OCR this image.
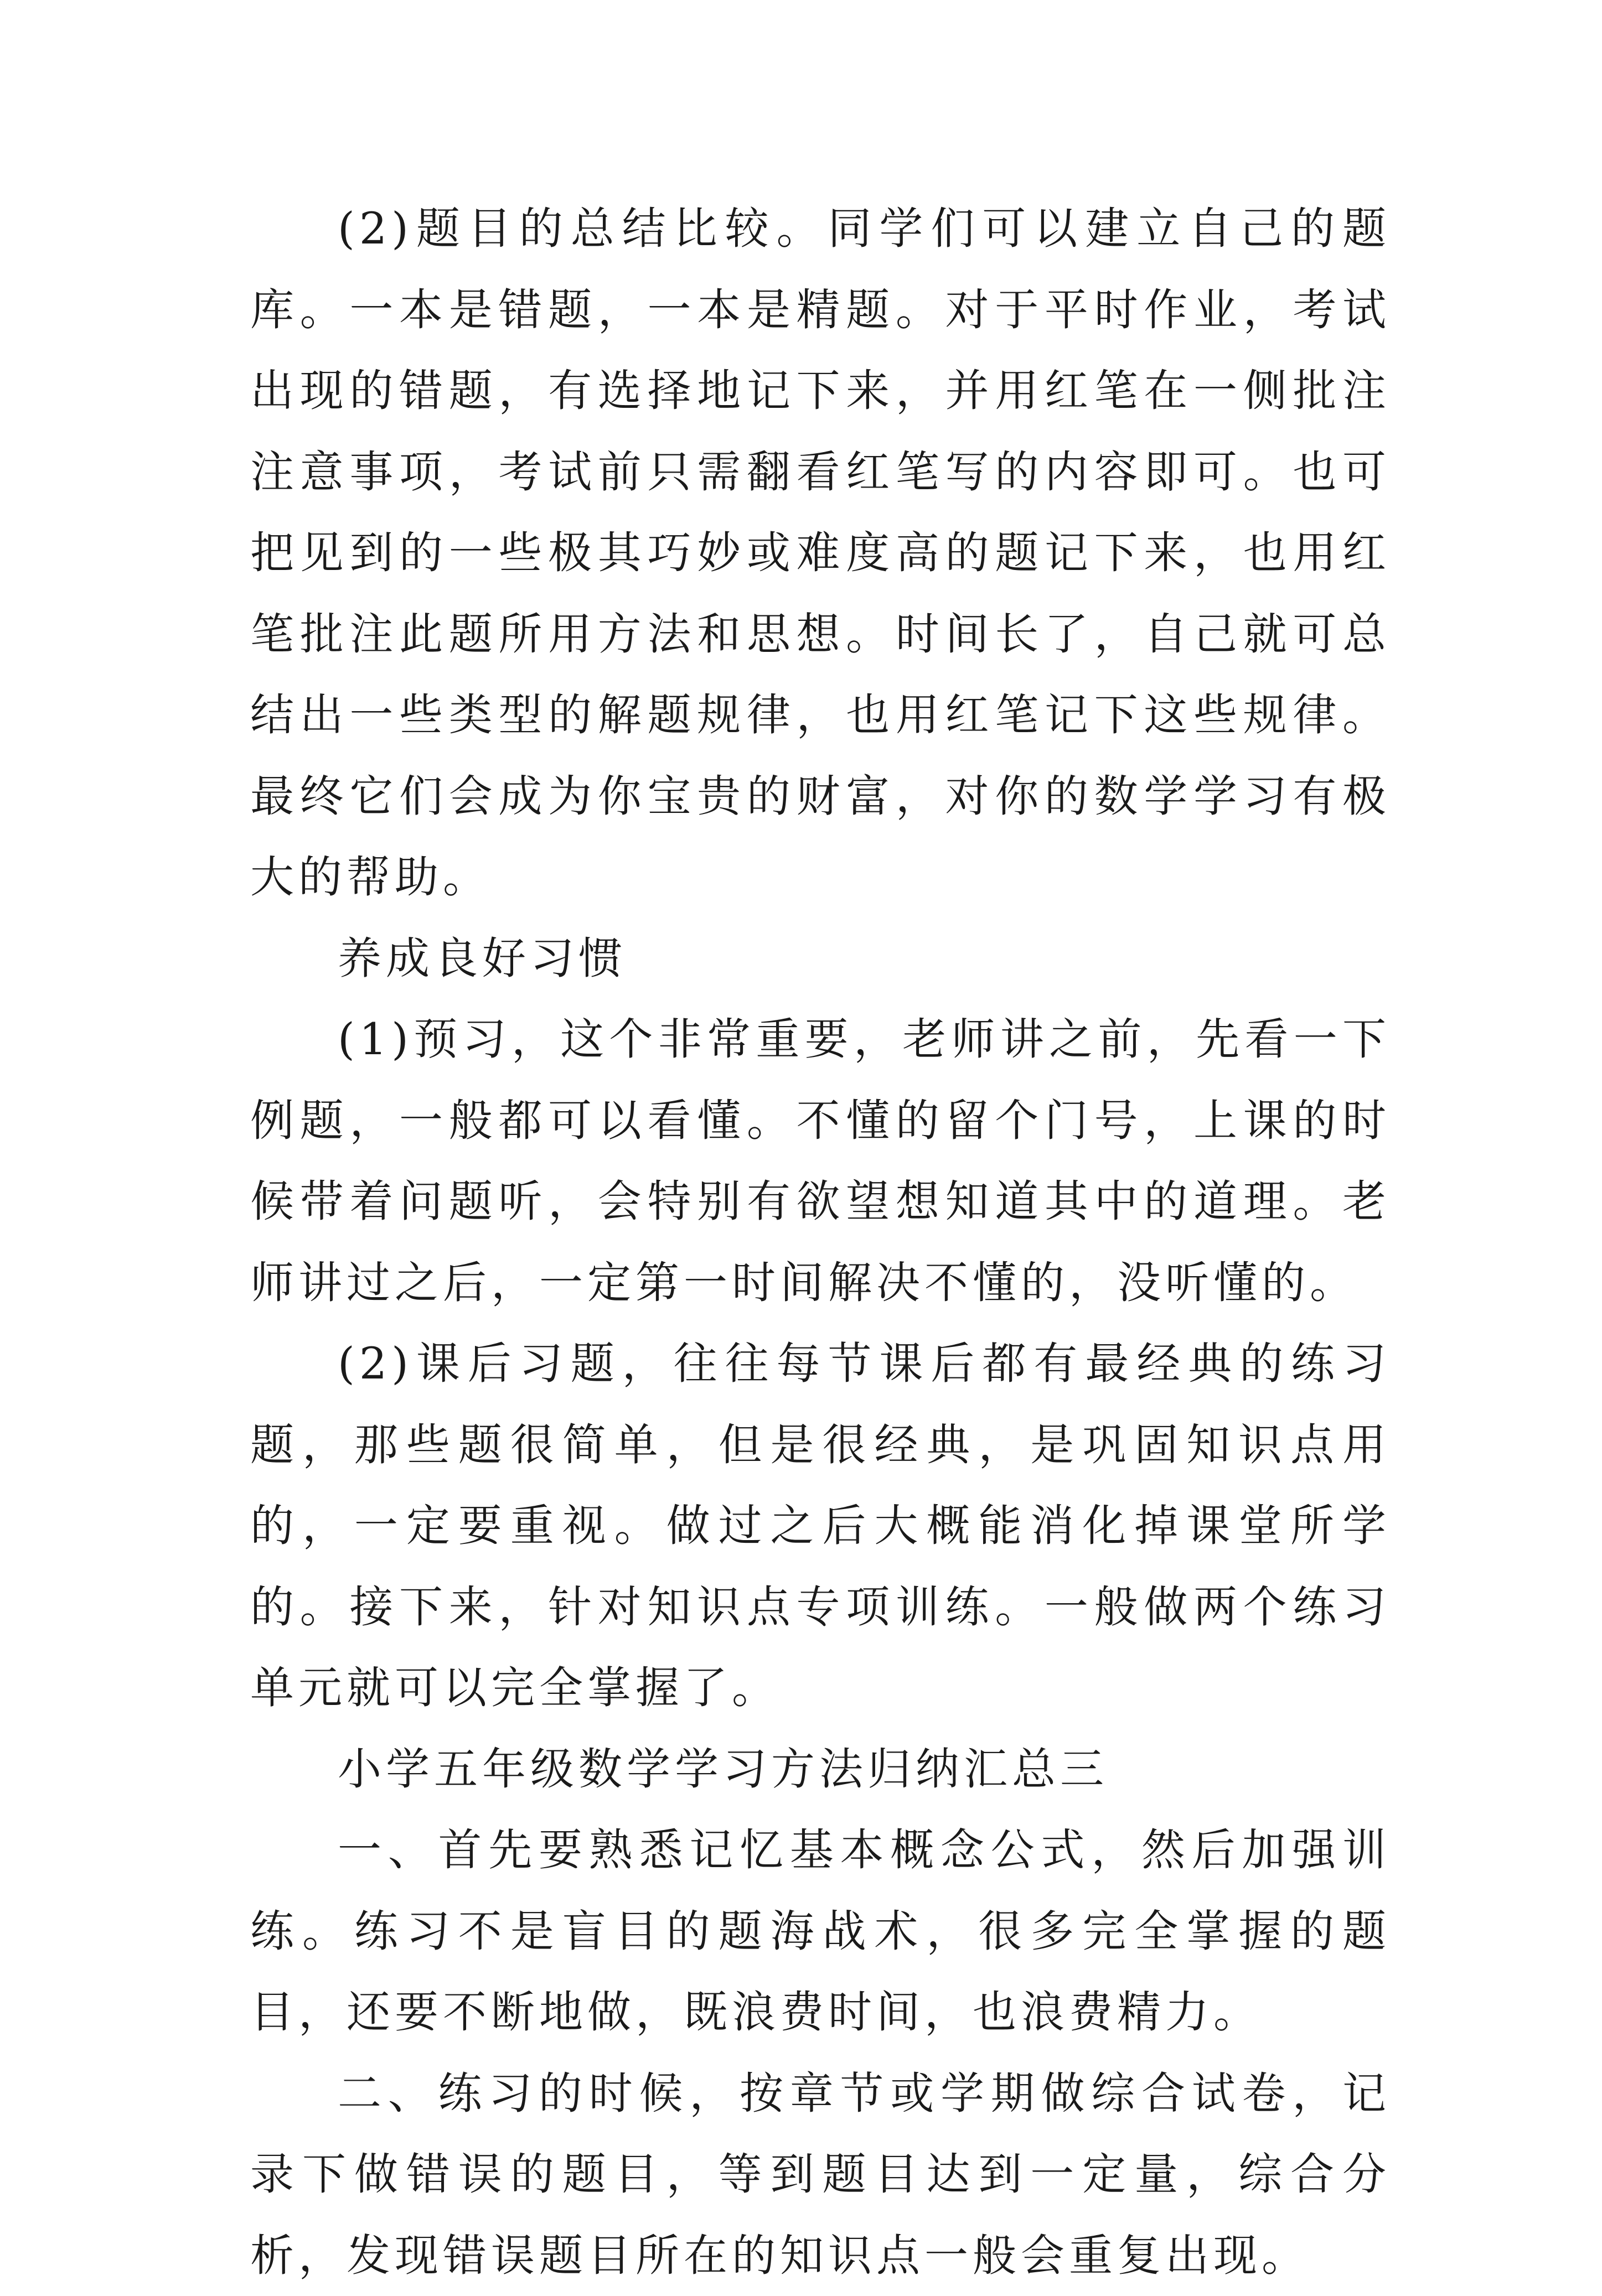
(2)题目的总结比较。同学们可以建立自己的题库。一本是错题，一本是精题。对于平时作业，考试出现的错题，有选择地记下来，并用红笔在一侧批注注意事项，考试前只需翻看红笔写的内容即可。也可把见到的一些极其巧妙或难度高的题记下来，也用红笔批注此题所用方法和思想。时间长了，自己就可总结出一些类型的解题规律，也用红笔记下这些规律。最终它们会成为你宝贵的财富，对你的数学学习有极大的帮助。

养成良好习惯

(1)预习，这个非常重要，老师讲之前，先看一下例题，一般都可以看懂。不懂的留个门号，上课的时候带着问题听，会特别有欲望想知道其中的道理。老师讲过之后，一定第一时间解决不懂的，没听懂的。

(2)课后习题，往往每节课后都有最经典的练习题，那些题很简单，但是很经典，是巩固知识点用的，一定要重视。做过之后大概能消化掉课堂所学的。接下来，针对知识点专项训练。一般做两个练习单元就可以完全掌握了。

小学五年级数学学习方法归纳汇总三

一、首先要熟悉记忆基本概念公式，然后加强训练。练习不是盲目的题海战术，很多完全掌握的题目，还要不断地做，既浪费时间，也浪费精力。

二、练习的时候，按章节或学期做综合试卷，记录下做错误的题目，等到题目达到一定量，综合分析，发现错误题目所在的知识点一般会重复出现。
